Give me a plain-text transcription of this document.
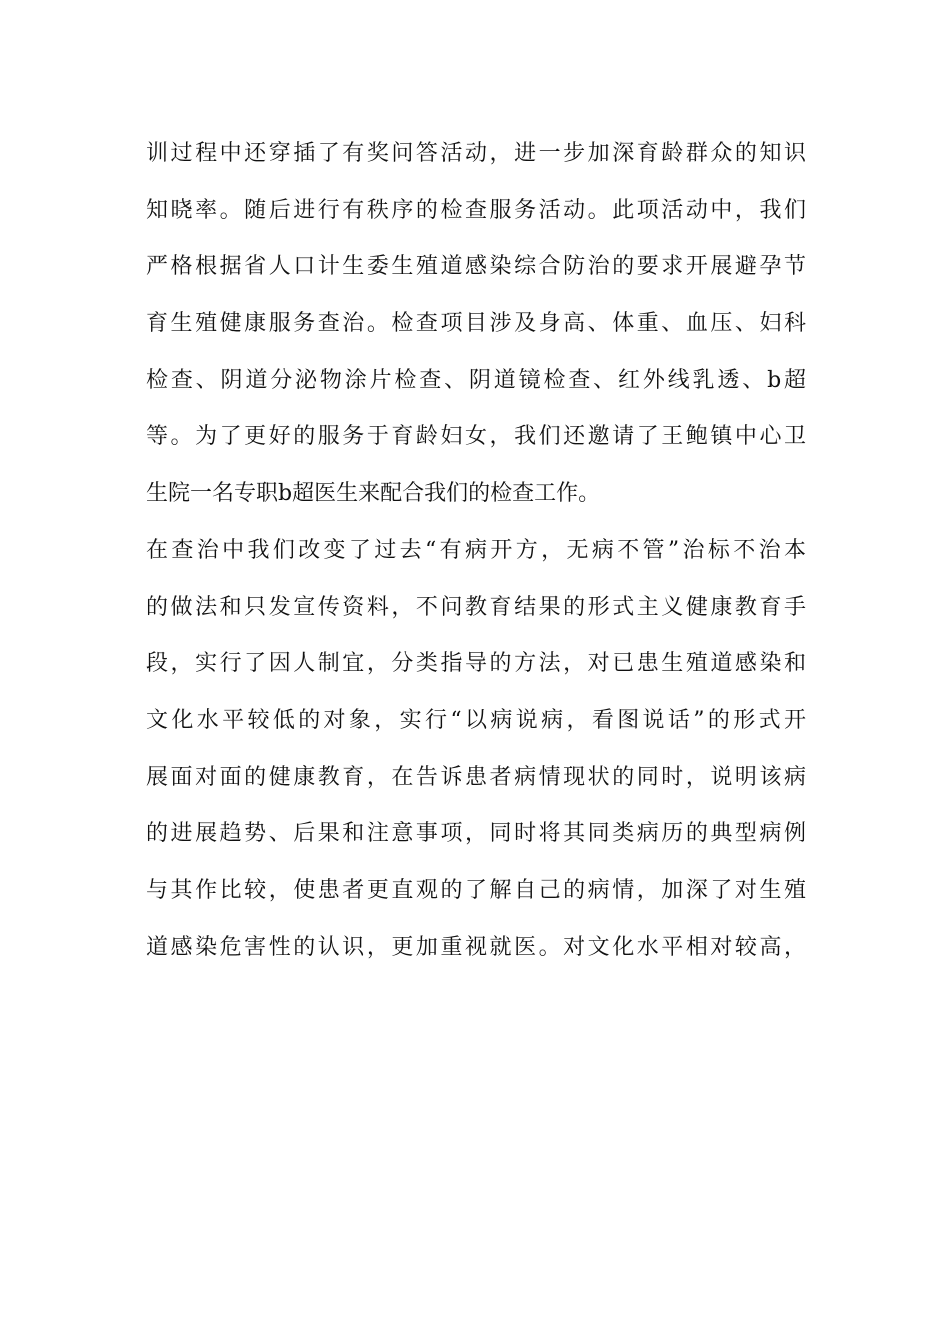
训过程中还穿插了有奖问答活动，进一步加深育龄群众的知识
知晓率。随后进行有秩序的检查服务活动。此项活动中，我们
严格根据省人口计生委生殖道感染综合防治的要求开展避孕节
育生殖健康服务查治。检查项目涉及身高、体重、血压、妇科
检查、阴道分泌物涂片检查、阴道镜检查、红外线乳透、b超
等。为了更好的服务于育龄妇女，我们还邀请了王鲍镇中心卫
生院一名专职b超医生来配合我们的检查工作。
在查治中我们改变了过去“有病开方，无病不管”治标不治本
的做法和只发宣传资料，不问教育结果的形式主义健康教育手
段，实行了因人制宜，分类指导的方法，对已患生殖道感染和
文化水平较低的对象，实行“以病说病，看图说话”的形式开
展面对面的健康教育，在告诉患者病情现状的同时，说明该病
的进展趋势、后果和注意事项，同时将其同类病历的典型病例
与其作比较，使患者更直观的了解自己的病情，加深了对生殖
道感染危害性的认识，更加重视就医。对文化水平相对较高，
